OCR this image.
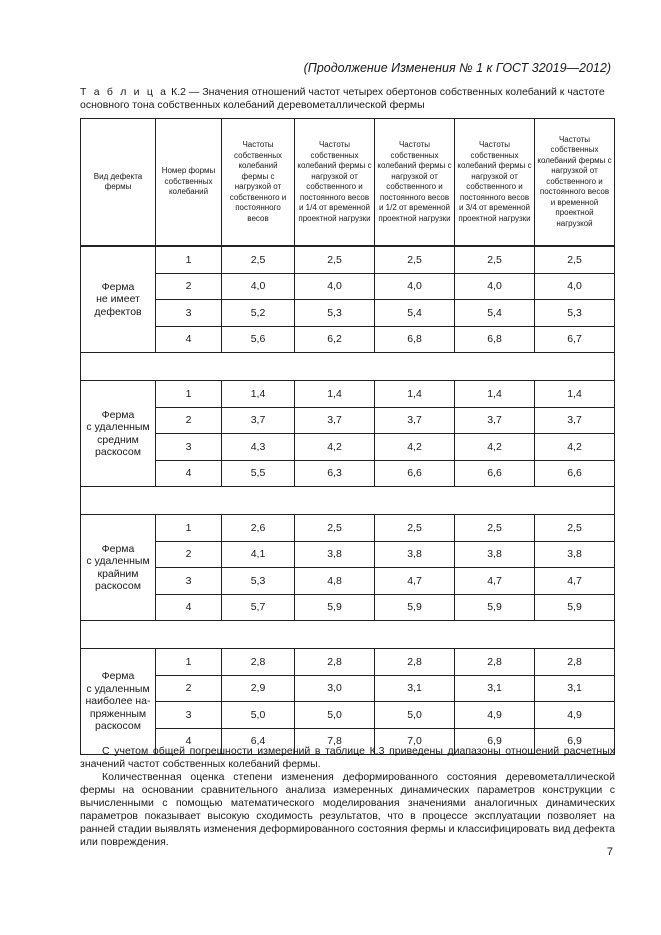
(Продолжение Изменения № 1 к ГОСТ 32019—2012)
Т а б л и ц а К.2 — Значения отношений частот четырех обертонов собственных колебаний к частоте основного тона собственных колебаний деревометаллической фермы
Вид дефекта фермы	Номер формы собственных колебаний	Частоты собственных колебаний фермы с нагрузкой от собственного и постоянного весов	Частоты собственных колебаний фермы с нагрузкой от собственного и постоянного весов и 1/4 от временной проектной нагрузки	Частоты собственных колебаний фермы с нагрузкой от собственного и постоянного весов и 1/2 от временной проектной нагрузки	Частоты собственных колебаний фермы с нагрузкой от собственного и постоянного весов и 3/4 от временной проектной нагрузки	Частоты собственных колебаний фермы с нагрузкой от собственного и постоянного весов и временной проектной нагрузкой

Ферма
не имеет
дефектов	1	2,5	2,5	2,5	2,5	2,5
	2	4,0	4,0	4,0	4,0	4,0
	3	5,2	5,3	5,4	5,4	5,3
	4	5,6	6,2	6,8	6,8	6,7

Ферма
с удаленным
средним
раскосом	1	1,4	1,4	1,4	1,4	1,4
	2	3,7	3,7	3,7	3,7	3,7
	3	4,3	4,2	4,2	4,2	4,2
	4	5,5	6,3	6,6	6,6	6,6

Ферма
с удаленным
крайним
раскосом	1	2,6	2,5	2,5	2,5	2,5
	2	4,1	3,8	3,8	3,8	3,8
	3	5,3	4,8	4,7	4,7	4,7
	4	5,7	5,9	5,9	5,9	5,9

Ферма
с удаленным
наиболее на-
пряженным
раскосом	1	2,8	2,8	2,8	2,8	2,8
	2	2,9	3,0	3,1	3,1	3,1
	3	5,0	5,0	5,0	4,9	4,9
	4	6,4	7,8	7,0	6,9	6,9

С учетом общей погрешности измерений в таблице К.3 приведены диапазоны отношений расчетных значений частот собственных колебаний фермы.

Количественная оценка степени изменения деформированного состояния деревометаллической фермы на основании сравнительного анализа измеренных динамических параметров конструкции с вычисленными с помощью математического моделирования значениями аналогичных динамических параметров показывает высокую сходимость результатов, что в процессе эксплуатации позволяет на ранней стадии выявлять изменения деформированного состояния фермы и классифицировать вид дефекта или повреждения.

7
